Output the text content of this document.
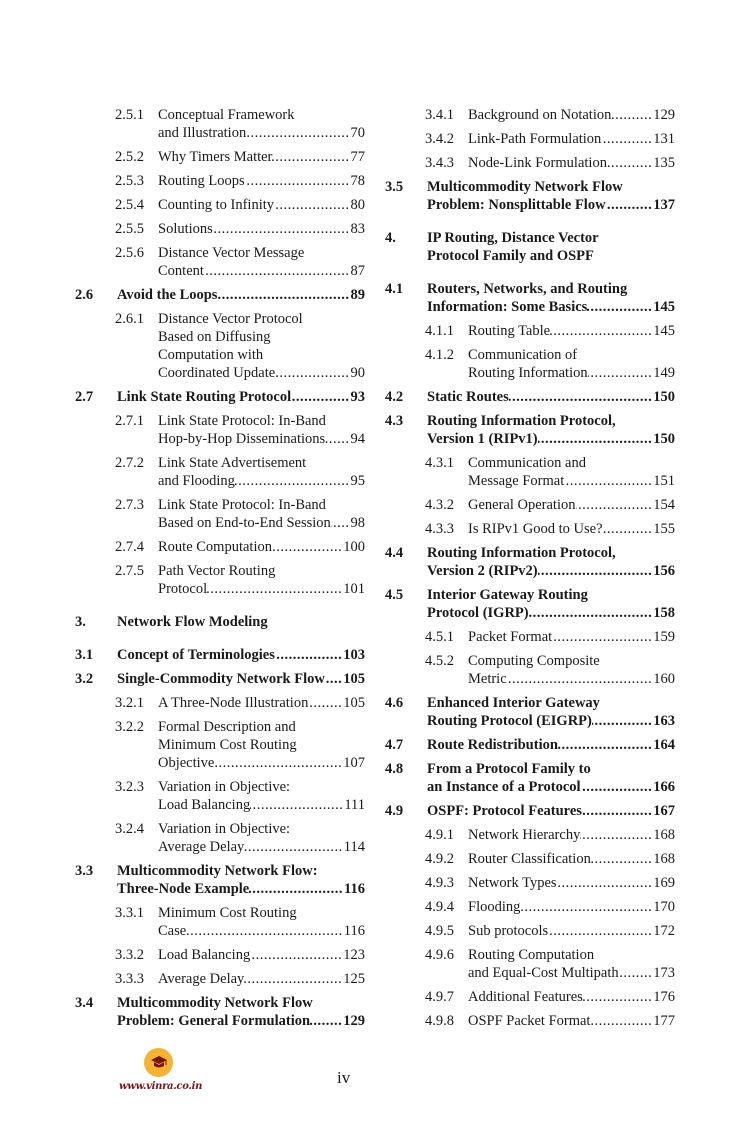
2.5.1 Conceptual Framework
and Illustration .....	70
2.5.2 Why Timers Matter .....	77
2.5.3 Routing Loops .....	78
2.5.4 Counting to Infinity .....	80
2.5.5 Solutions .....	83
2.5.6 Distance Vector Message
Content .....	87
2.6	Avoid the Loops .....	89
2.6.1 Distance Vector Protocol
Based on Diffusing
Computation with
Coordinated Update .....	90
2.7	Link State Routing Protocol .....	93
2.7.1 Link State Protocol: In-Band
Hop-by-Hop Disseminations ..... 94
2.7.2 Link State Advertisement
and Flooding .....	95
2.7.3 Link State Protocol: In-Band
Based on End-to-End Session ..... 98
2.7.4 Route Computation .....	100
2.7.5 Path Vector Routing
Protocol .....	101
3.	Network Flow Modeling
3.1	Concept of Terminologies .....	103
3.2	Single-Commodity Network Flow ..... 105
3.2.1 A Three-Node Illustration ..... 105
3.2.2 Formal Description and
Minimum Cost Routing
Objective .....	107
3.2.3 Variation in Objective:
Load Balancing .....	111
3.2.4 Variation in Objective:
Average Delay .....	114
3.3	Multicommodity Network Flow:
Three-Node Example .....	116
3.3.1 Minimum Cost Routing
Case .....	116
3.3.2 Load Balancing .....	123
3.3.3 Average Delay .....	125
3.4	Multicommodity Network Flow
Problem: General Formulation ..... 129
3.4.1 Background on Notation .....	129
3.4.2 Link-Path Formulation .....	131
3.4.3 Node-Link Formulation .....	135
3.5	Multicommodity Network Flow
Problem: Nonsplittable Flow .....	137
4.	IP Routing, Distance Vector
Protocol Family and OSPF
4.1	Routers, Networks, and Routing
Information: Some Basics .....	145
4.1.1 Routing Table .....	145
4.1.2 Communication of
Routing Information .....	149
4.2	Static Routes .....	150
4.3	Routing Information Protocol,
Version 1 (RIPv1) .....	150
4.3.1 Communication and
Message Format .....	151
4.3.2 General Operation .....	154
4.3.3 Is RIPv1 Good to Use? .....	155
4.4	Routing Information Protocol,
Version 2 (RIPv2) .....	156
4.5	Interior Gateway Routing
Protocol (IGRP) .....	158
4.5.1 Packet Format .....	159
4.5.2 Computing Composite
Metric .....	160
4.6	Enhanced Interior Gateway
Routing Protocol (EIGRP) .....	163
4.7	Route Redistribution .....	164
4.8	From a Protocol Family to
an Instance of a Protocol .....	166
4.9	OSPF: Protocol Features .....	167
4.9.1 Network Hierarchy .....	168
4.9.2 Router Classification .....	168
4.9.3 Network Types .....	169
4.9.4 Flooding .....	170
4.9.5 Sub protocols .....	172
4.9.6 Routing Computation
and Equal-Cost Multipath ..... 173
4.9.7 Additional Features .....	176
4.9.8 OSPF Packet Format .....	177
www.vinra.co.in	iv
